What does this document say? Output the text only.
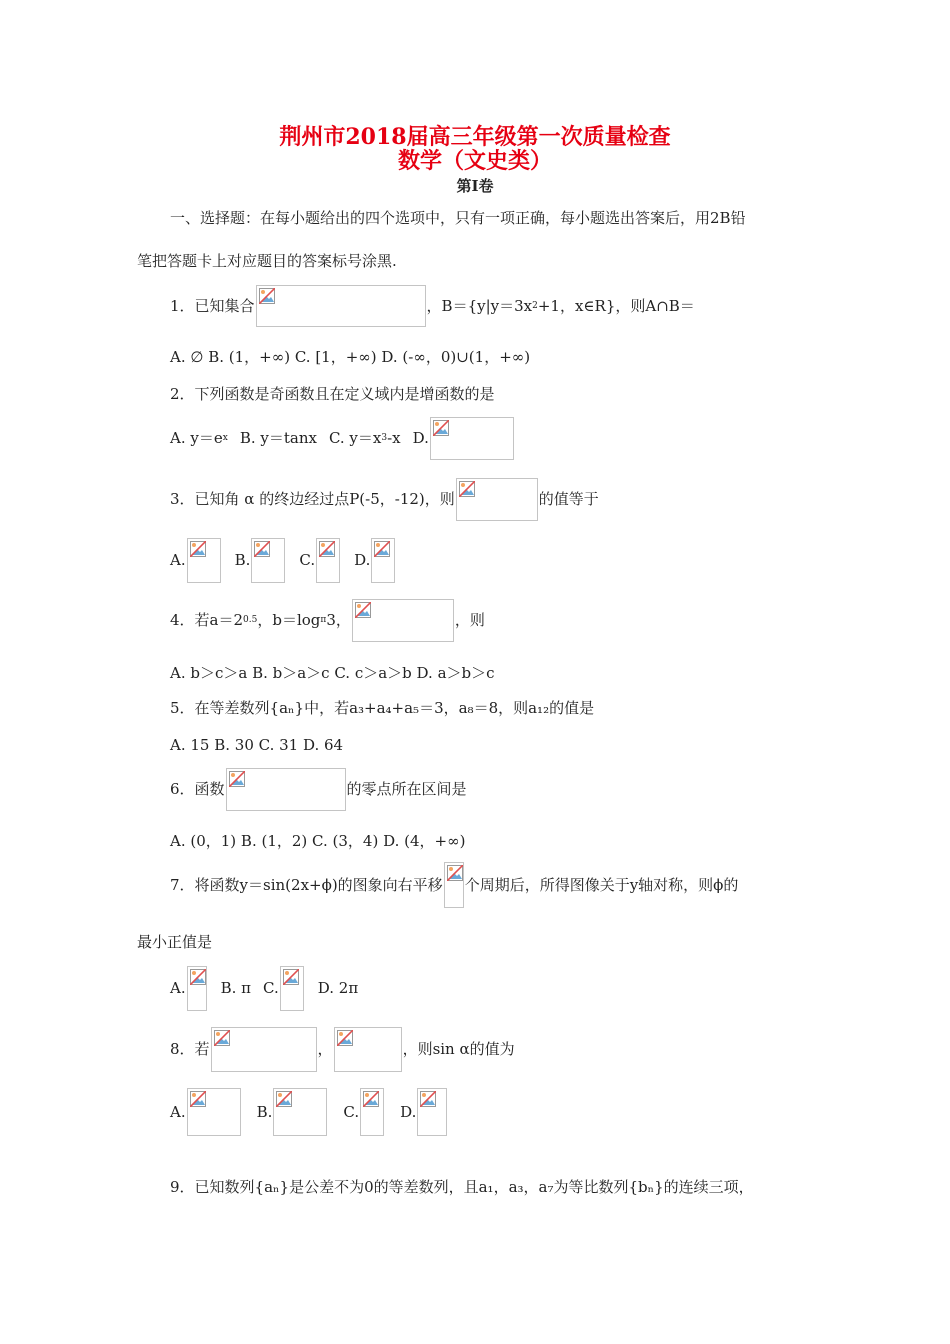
荆州市2018届高三年级第一次质量检查
数学（文史类）
第Ⅰ卷
一、选择题：在每小题给出的四个选项中，只有一项正确，每小题选出答案后，用2B铅
笔把答题卡上对应题目的答案标号涂黑.
1．已知集合	，B＝{y|y＝3x 2 +1，x∈R}，则A∩B＝
A. ∅ B. (1，+∞) C. [1，+∞) D. (-∞，0)∪(1，+∞)
2．下列函数是奇函数且在定义域内是增函数的是
A. y＝e x B. y＝tanx C. y＝x 3 -x D.
3．已知角 α 的终边经过点P(-5，-12)，则	的值等于
A.	B.	C.	D.
4．若a＝2 0.5 ，b＝log π 3，	，则
A. b＞c＞a B. b＞a＞c C. c＞a＞b D. a＞b＞c
5．在等差数列{aₙ}中，若a₃+a₄+a₅＝3，a₈＝8，则a₁₂的值是
A. 15 B. 30 C. 31 D. 64
6．函数	的零点所在区间是
A. (0，1) B. (1，2) C. (3，4) D. (4，+∞)
7．将函数y＝sin(2x+ϕ)的图象向右平移 个周期后，所得图像关于y轴对称，则ϕ的
最小正值是
A. B. π C.	D. 2π
8．若	，	，则sin α的值为
A.	B.	C.	D.
9．已知数列{aₙ}是公差不为0的等差数列，且a₁，a₃，a₇为等比数列{bₙ}的连续三项，
